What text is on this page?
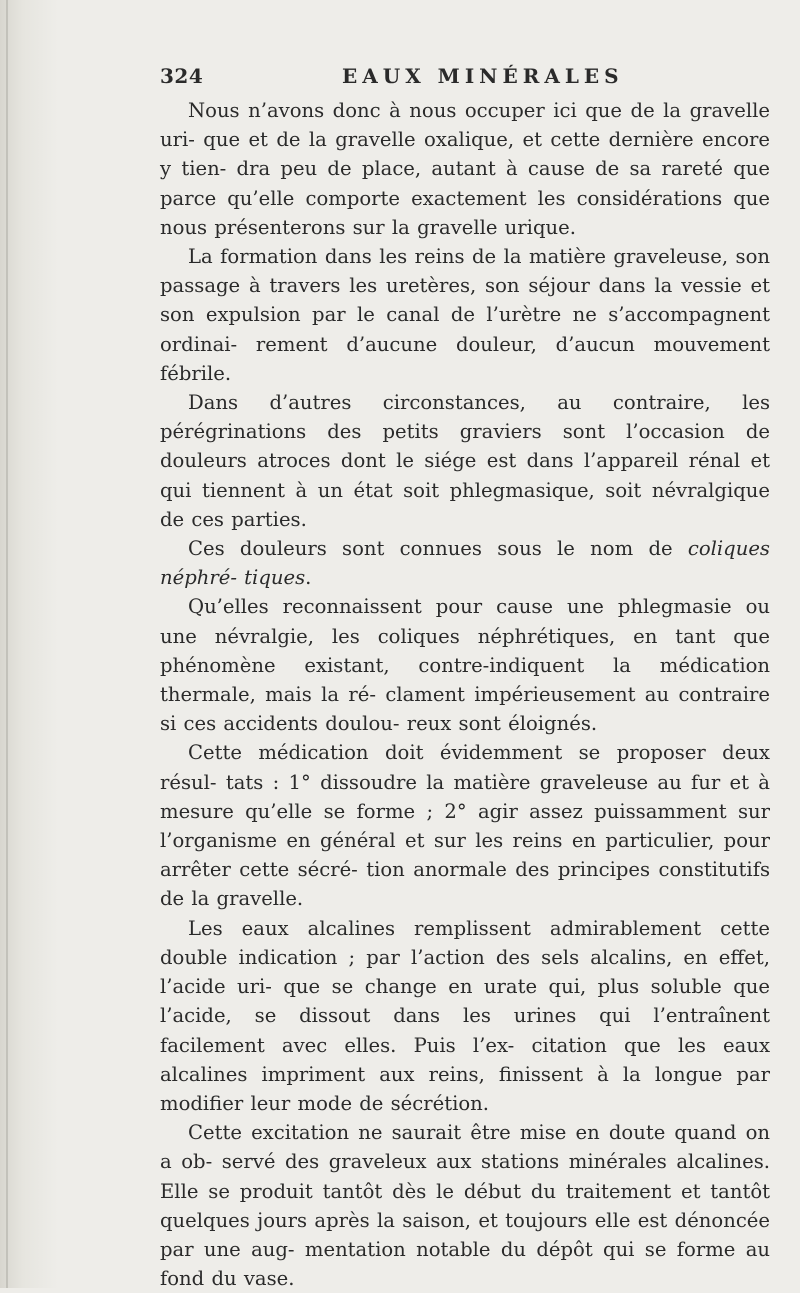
324	EAUX MINÉRALES

Nous n’avons donc à nous occuper ici que de la gravelle uri- que et de la gravelle oxalique, et cette dernière encore y tien- dra peu de place, autant à cause de sa rareté que parce qu’elle comporte exactement les considérations que nous présenterons sur la gravelle urique.

La formation dans les reins de la matière graveleuse, son passage à travers les uretères, son séjour dans la vessie et son expulsion par le canal de l’urètre ne s’accompagnent ordinai- rement d’aucune douleur, d’aucun mouvement fébrile.

Dans d’autres circonstances, au contraire, les pérégrinations des petits graviers sont l’occasion de douleurs atroces dont le siége est dans l’appareil rénal et qui tiennent à un état soit phlegmasique, soit névralgique de ces parties.

Ces douleurs sont connues sous le nom de coliques néphré- tiques.

Qu’elles reconnaissent pour cause une phlegmasie ou une névralgie, les coliques néphrétiques, en tant que phénomène existant, contre-indiquent la médication thermale, mais la ré- clament impérieusement au contraire si ces accidents doulou- reux sont éloignés.

Cette médication doit évidemment se proposer deux résul- tats : 1° dissoudre la matière graveleuse au fur et à mesure qu’elle se forme ; 2° agir assez puissamment sur l’organisme en général et sur les reins en particulier, pour arrêter cette sécré- tion anormale des principes constitutifs de la gravelle.

Les eaux alcalines remplissent admirablement cette double indication ; par l’action des sels alcalins, en effet, l’acide uri- que se change en urate qui, plus soluble que l’acide, se dissout dans les urines qui l’entraînent facilement avec elles. Puis l’ex- citation que les eaux alcalines impriment aux reins, finissent à la longue par modifier leur mode de sécrétion.

Cette excitation ne saurait être mise en doute quand on a ob- servé des graveleux aux stations minérales alcalines. Elle se produit tantôt dès le début du traitement et tantôt quelques jours après la saison, et toujours elle est dénoncée par une aug- mentation notable du dépôt qui se forme au fond du vase.
